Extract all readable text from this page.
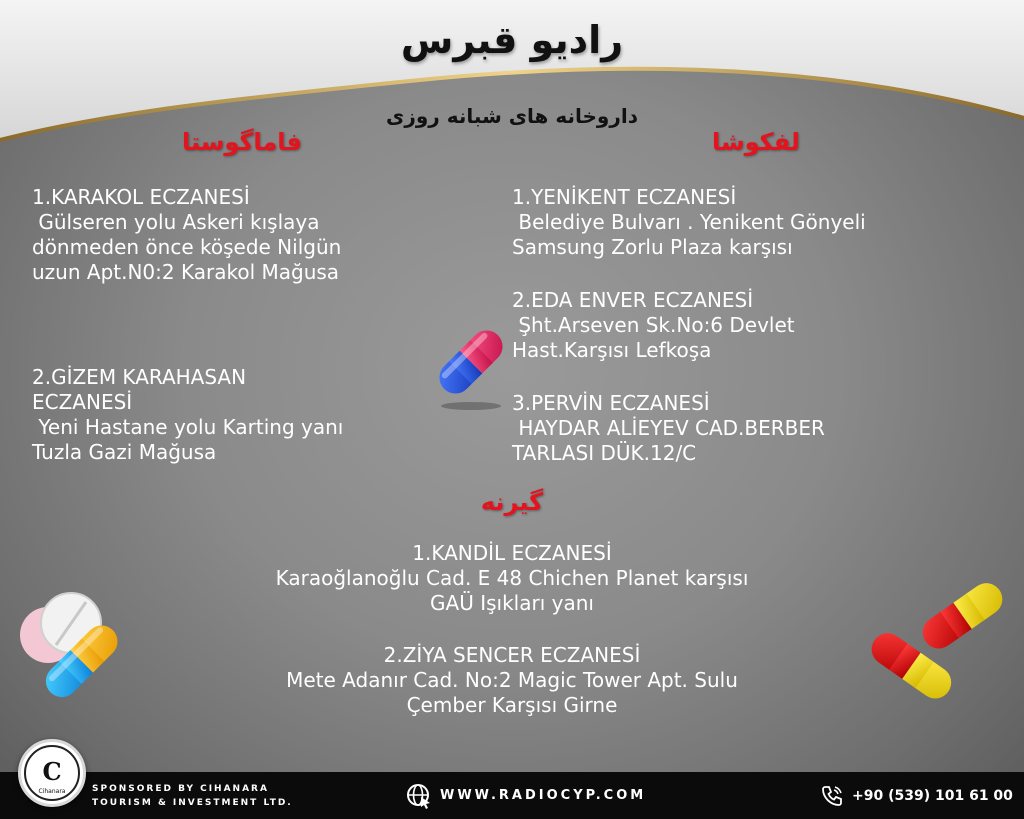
رادیو قبرس
داروخانه های شبانه روزی
فاماگوستا	لفکوشا
گیرنه
1.KARAKOL ECZANESİ
Gülseren yolu Askeri kışlaya
dönmeden önce köşede Nilgün
uzun Apt.N0:2 Karakol Mağusa
2.GİZEM KARAHASAN
ECZANESİ
Yeni Hastane yolu Karting yanı
Tuzla Gazi Mağusa
1.YENİKENT ECZANESİ
Belediye Bulvarı . Yenikent Gönyeli
Samsung Zorlu Plaza karşısı
2.EDA ENVER ECZANESİ
Şht.Arseven Sk.No:6 Devlet
Hast.Karşısı Lefkoşa
3.PERVİN ECZANESİ
HAYDAR ALİEYEV CAD.BERBER
TARLASI DÜK.12/C
1.KANDİL ECZANESİ
Karaoğlanoğlu Cad. E 48 Chichen Planet karşısı
GAÜ Işıkları yanı
2.ZİYA SENCER ECZANESİ
Mete Adanır Cad. No:2 Magic Tower Apt. Sulu
Çember Karşısı Girne
SPONSORED BY CIHANARA
TOURISM & INVESTMENT LTD.	WWW.RADIOCYP.COM	+90 (539) 101 61 00
C
Cihanara
